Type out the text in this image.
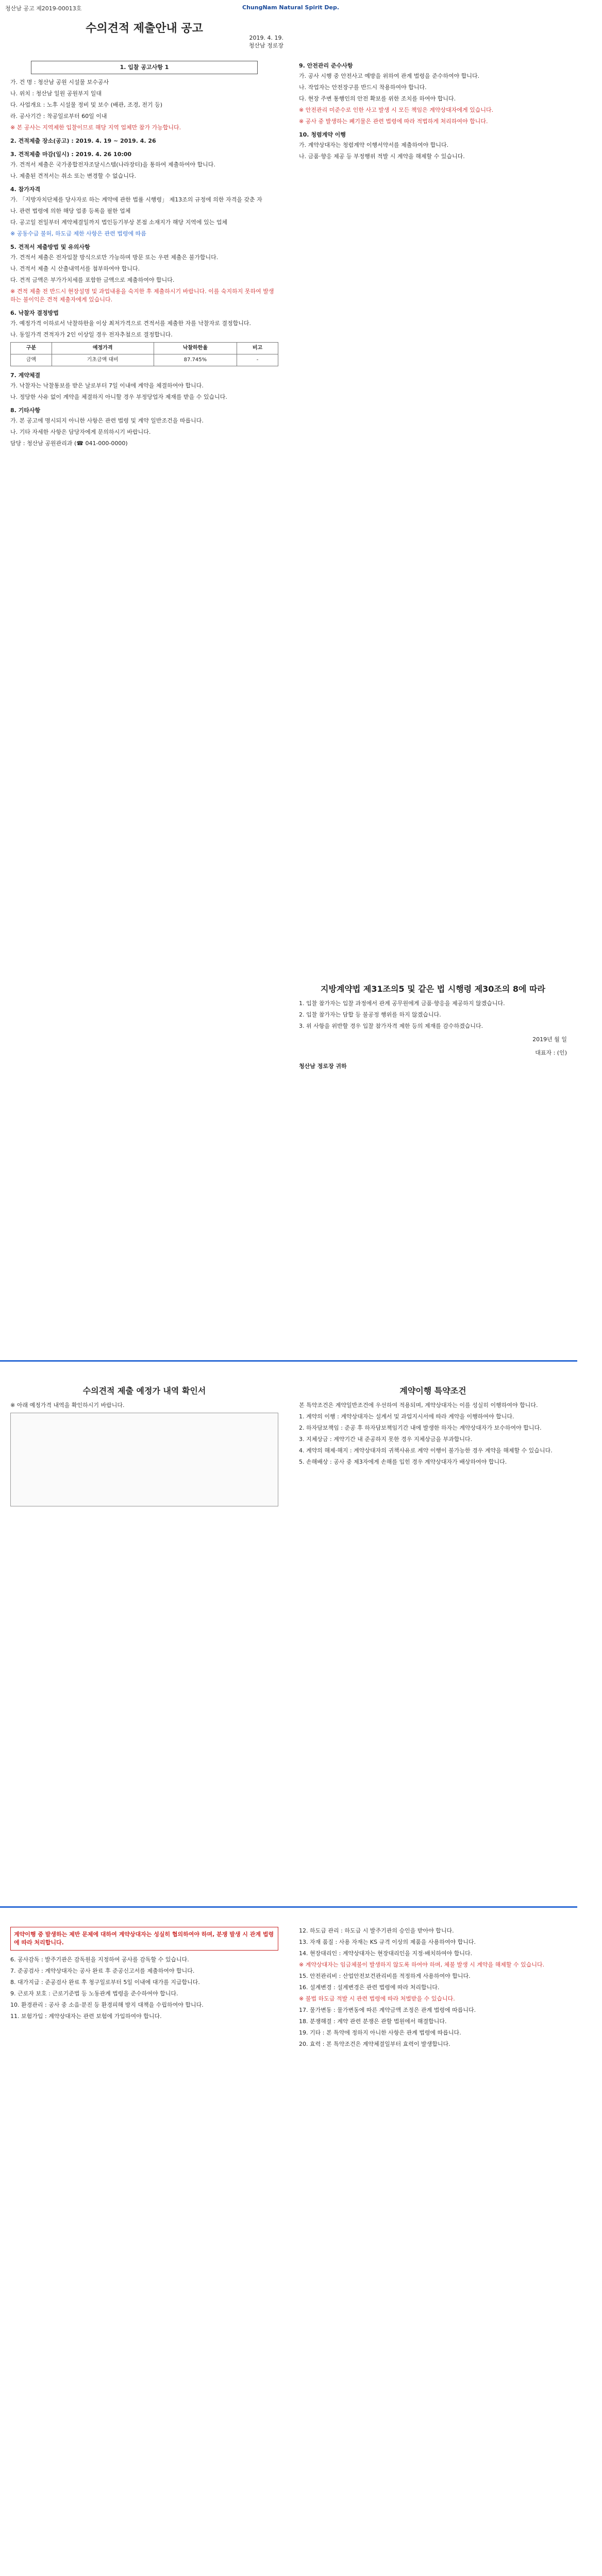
청산남 공고 제2019-00013호	ChungNam Natural Spirit Dep.
수의견적 제출안내 공고
2019. 4. 19.
청산남 정로장
1. 입찰 공고사항 1

가. 건 명 : 청산남 공원 시설물 보수공사

나. 위치 : 청산남 일원 공원부지 일대

다. 사업개요 : 노후 시설물 정비 및 보수 (배관, 조경, 전기 등)

라. 공사기간 : 착공일로부터 60일 이내

※ 본 공사는 지역제한 입찰이므로 해당 지역 업체만 참가 가능합니다.

2. 견적제출 장소(공고) : 2019. 4. 19 ~ 2019. 4. 26
3. 견적제출 마감(일시) : 2019. 4. 26 10:00

가. 견적서 제출은 국가종합전자조달시스템(나라장터)을 통하여 제출하여야 합니다.

나. 제출된 견적서는 취소 또는 변경할 수 없습니다.

4. 참가자격

가. 「지방자치단체를 당사자로 하는 계약에 관한 법률 시행령」 제13조의 규정에 의한 자격을 갖춘 자

나. 관련 법령에 의한 해당 업종 등록을 필한 업체

다. 공고일 전일부터 계약체결일까지 법인등기부상 본점 소재지가 해당 지역에 있는 업체

※ 공동수급 불허, 하도급 제한 사항은 관련 법령에 따름

5. 견적서 제출방법 및 유의사항

가. 견적서 제출은 전자입찰 방식으로만 가능하며 방문 또는 우편 제출은 불가합니다.

나. 견적서 제출 시 산출내역서를 첨부하여야 합니다.

다. 견적 금액은 부가가치세를 포함한 금액으로 제출하여야 합니다.

※ 견적 제출 전 반드시 현장설명 및 과업내용을 숙지한 후 제출하시기 바랍니다. 이를 숙지하지 못하여 발생하는 불이익은 견적 제출자에게 있습니다.

6. 낙찰자 결정방법

가. 예정가격 이하로서 낙찰하한율 이상 최저가격으로 견적서를 제출한 자를 낙찰자로 결정합니다.

나. 동일가격 견적자가 2인 이상일 경우 전자추첨으로 결정합니다.

구분	예정가격	낙찰하한율	비고
금액	기초금액 대비	87.745%	-
7. 계약체결

가. 낙찰자는 낙찰통보를 받은 날로부터 7일 이내에 계약을 체결하여야 합니다.

나. 정당한 사유 없이 계약을 체결하지 아니할 경우 부정당업자 제재를 받을 수 있습니다.

8. 기타사항

가. 본 공고에 명시되지 아니한 사항은 관련 법령 및 계약 일반조건을 따릅니다.

나. 기타 자세한 사항은 담당자에게 문의하시기 바랍니다.

담당 : 청산남 공원관리과 (☎ 041-000-0000)

9. 안전관리 준수사항

가. 공사 시행 중 안전사고 예방을 위하여 관계 법령을 준수하여야 합니다.

나. 작업자는 안전장구를 반드시 착용하여야 합니다.

다. 현장 주변 통행인의 안전 확보를 위한 조치를 하여야 합니다.

※ 안전관리 미준수로 인한 사고 발생 시 모든 책임은 계약상대자에게 있습니다.

※ 공사 중 발생하는 폐기물은 관련 법령에 따라 적법하게 처리하여야 합니다.

10. 청렴계약 이행

가. 계약상대자는 청렴계약 이행서약서를 제출하여야 합니다.

나. 금품·향응 제공 등 부정행위 적발 시 계약을 해제할 수 있습니다.

지방계약법 제31조의5 및 같은 법 시행령 제30조의 8에 따라

1. 입찰 참가자는 입찰 과정에서 관계 공무원에게 금품·향응을 제공하지 않겠습니다.

2. 입찰 참가자는 담합 등 불공정 행위를 하지 않겠습니다.

3. 위 사항을 위반할 경우 입찰 참가자격 제한 등의 제재를 감수하겠습니다.

2019년 월 일
대표자 : (인)
청산남 정로장 귀하
수의견적 제출 예정가 내역 확인서

※ 아래 예정가격 내역을 확인하시기 바랍니다.

계약이행 특약조건

본 특약조건은 계약일반조건에 우선하여 적용되며, 계약상대자는 이를 성실히 이행하여야 합니다.

1. 계약의 이행 : 계약상대자는 설계서 및 과업지시서에 따라 계약을 이행하여야 합니다.

2. 하자담보책임 : 준공 후 하자담보책임기간 내에 발생한 하자는 계약상대자가 보수하여야 합니다.

3. 지체상금 : 계약기간 내 준공하지 못한 경우 지체상금을 부과합니다.

4. 계약의 해제·해지 : 계약상대자의 귀책사유로 계약 이행이 불가능한 경우 계약을 해제할 수 있습니다.

5. 손해배상 : 공사 중 제3자에게 손해를 입힌 경우 계약상대자가 배상하여야 합니다.

계약이행 중 발생하는 제반 문제에 대하여 계약상대자는 성실히 협의하여야 하며, 분쟁 발생 시 관계 법령에 따라 처리합니다.

6. 공사감독 : 발주기관은 감독원을 지정하여 공사를 감독할 수 있습니다.

7. 준공검사 : 계약상대자는 공사 완료 후 준공신고서를 제출하여야 합니다.

8. 대가지급 : 준공검사 완료 후 청구일로부터 5일 이내에 대가를 지급합니다.

9. 근로자 보호 : 근로기준법 등 노동관계 법령을 준수하여야 합니다.

10. 환경관리 : 공사 중 소음·분진 등 환경피해 방지 대책을 수립하여야 합니다.

11. 보험가입 : 계약상대자는 관련 보험에 가입하여야 합니다.

12. 하도급 관리 : 하도급 시 발주기관의 승인을 받아야 합니다.

13. 자재 품질 : 사용 자재는 KS 규격 이상의 제품을 사용하여야 합니다.

14. 현장대리인 : 계약상대자는 현장대리인을 지정·배치하여야 합니다.

※ 계약상대자는 임금체불이 발생하지 않도록 하여야 하며, 체불 발생 시 계약을 해제할 수 있습니다.

15. 안전관리비 : 산업안전보건관리비를 적정하게 사용하여야 합니다.

16. 설계변경 : 설계변경은 관련 법령에 따라 처리합니다.

※ 불법 하도급 적발 시 관련 법령에 따라 처벌받을 수 있습니다.

17. 물가변동 : 물가변동에 따른 계약금액 조정은 관계 법령에 따릅니다.

18. 분쟁해결 : 계약 관련 분쟁은 관할 법원에서 해결합니다.

19. 기타 : 본 특약에 정하지 아니한 사항은 관계 법령에 따릅니다.

20. 효력 : 본 특약조건은 계약체결일부터 효력이 발생합니다.
